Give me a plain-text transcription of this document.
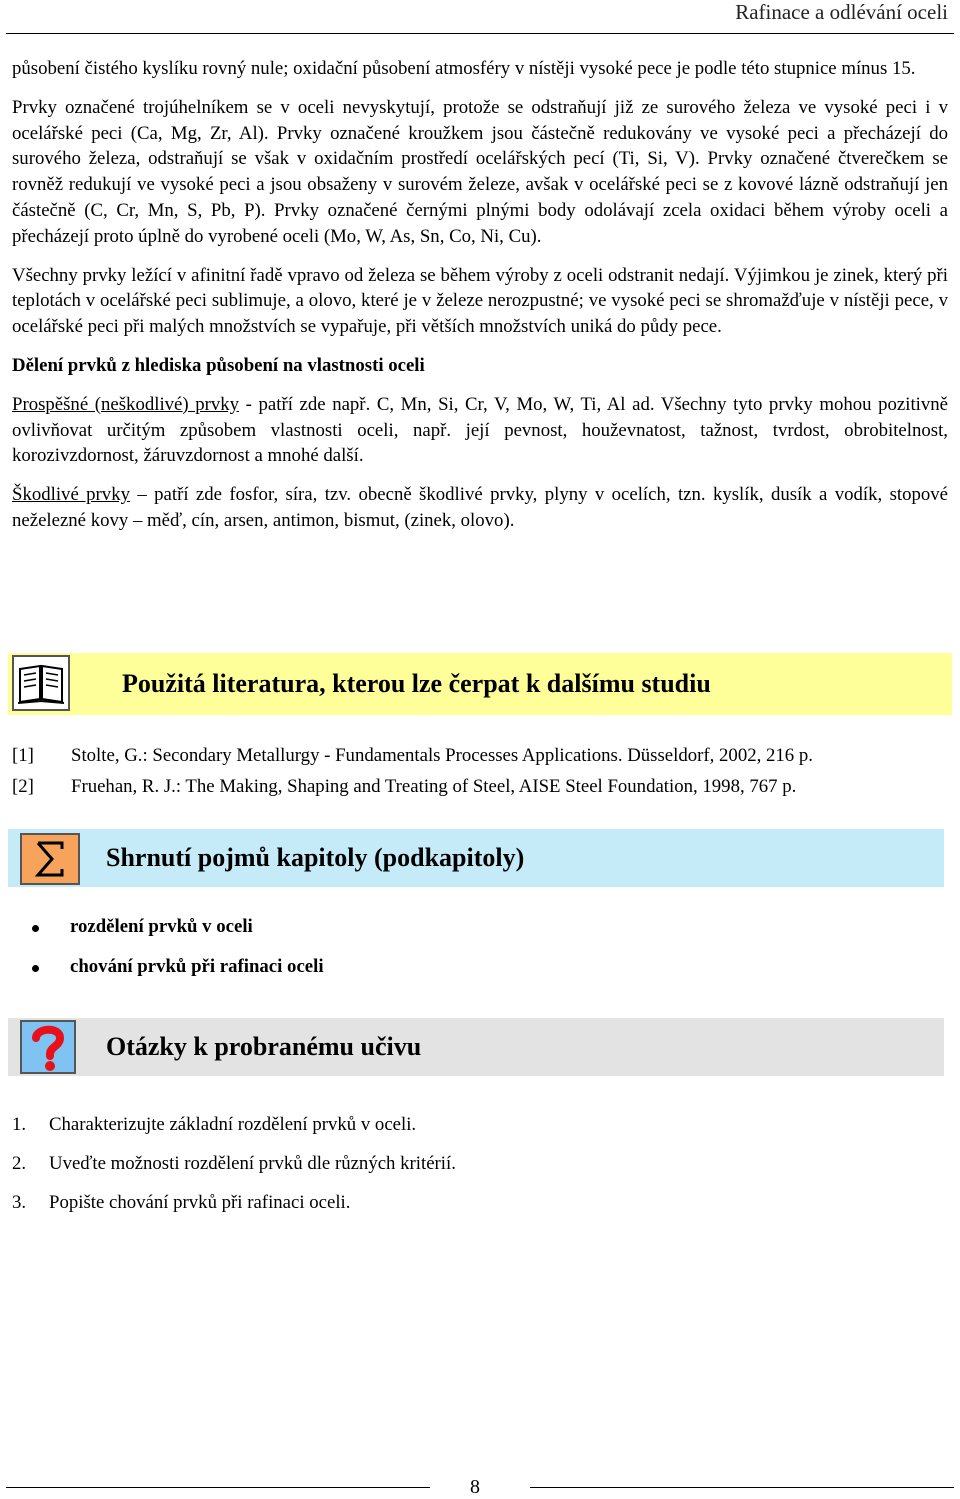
Rafinace a odlévání oceli

působení čistého kyslíku rovný nule; oxidační působení atmosféry v nístěji vysoké pece je podle této stupnice mínus 15.

Prvky označené trojúhelníkem se v oceli nevyskytují, protože se odstraňují již ze surového železa ve vysoké peci i v ocelářské peci (Ca, Mg, Zr, Al). Prvky označené kroužkem jsou částečně redukovány ve vysoké peci a přecházejí do surového železa, odstraňují se však v oxidačním prostředí ocelářských pecí (Ti, Si, V). Prvky označené čtverečkem se rovněž redukují ve vysoké peci a jsou obsaženy v surovém železe, avšak v ocelářské peci se z kovové lázně odstraňují jen částečně (C, Cr, Mn, S, Pb, P). Prvky označené černými plnými body odolávají zcela oxidaci během výroby oceli a přecházejí proto úplně do vyrobené oceli (Mo, W, As, Sn, Co, Ni, Cu).

Všechny prvky ležící v afinitní řadě vpravo od železa se během výroby z oceli odstranit nedají. Výjimkou je zinek, který při teplotách v ocelářské peci sublimuje, a olovo, které je v železe nerozpustné; ve vysoké peci se shromažďuje v nístěji pece, v ocelářské peci při malých množstvích se vypařuje, při větších množstvích uniká do půdy pece.

Dělení prvků z hlediska působení na vlastnosti oceli

Prospěšné (neškodlivé) prvky - patří zde např. C, Mn, Si, Cr, V, Mo, W, Ti, Al ad. Všechny tyto prvky mohou pozitivně ovlivňovat určitým způsobem vlastnosti oceli, např. její pevnost, houževnatost, tažnost, tvrdost, obrobitelnost, korozivzdornost, žáruvzdornost a mnohé další.

Škodlivé prvky – patří zde fosfor, síra, tzv. obecně škodlivé prvky, plyny v ocelích, tzn. kyslík, dusík a vodík, stopové neželezné kovy – měď, cín, arsen, antimon, bismut, (zinek, olovo).

Použitá literatura, kterou lze čerpat k dalšímu studiu
[1] Stolte, G.: Secondary Metallurgy - Fundamentals Processes Applications. Düsseldorf, 2002, 216 p.
[2] Fruehan, R. J.: The Making, Shaping and Treating of Steel, AISE Steel Foundation, 1998, 767 p.
Shrnutí pojmů kapitoly (podkapitoly)
rozdělení prvků v oceli
chování prvků při rafinaci oceli
Otázky k probranému učivu
1. Charakterizujte základní rozdělení prvků v oceli.
2. Uveďte možnosti rozdělení prvků dle různých kritérií.
3. Popište chování prvků při rafinaci oceli.
8
